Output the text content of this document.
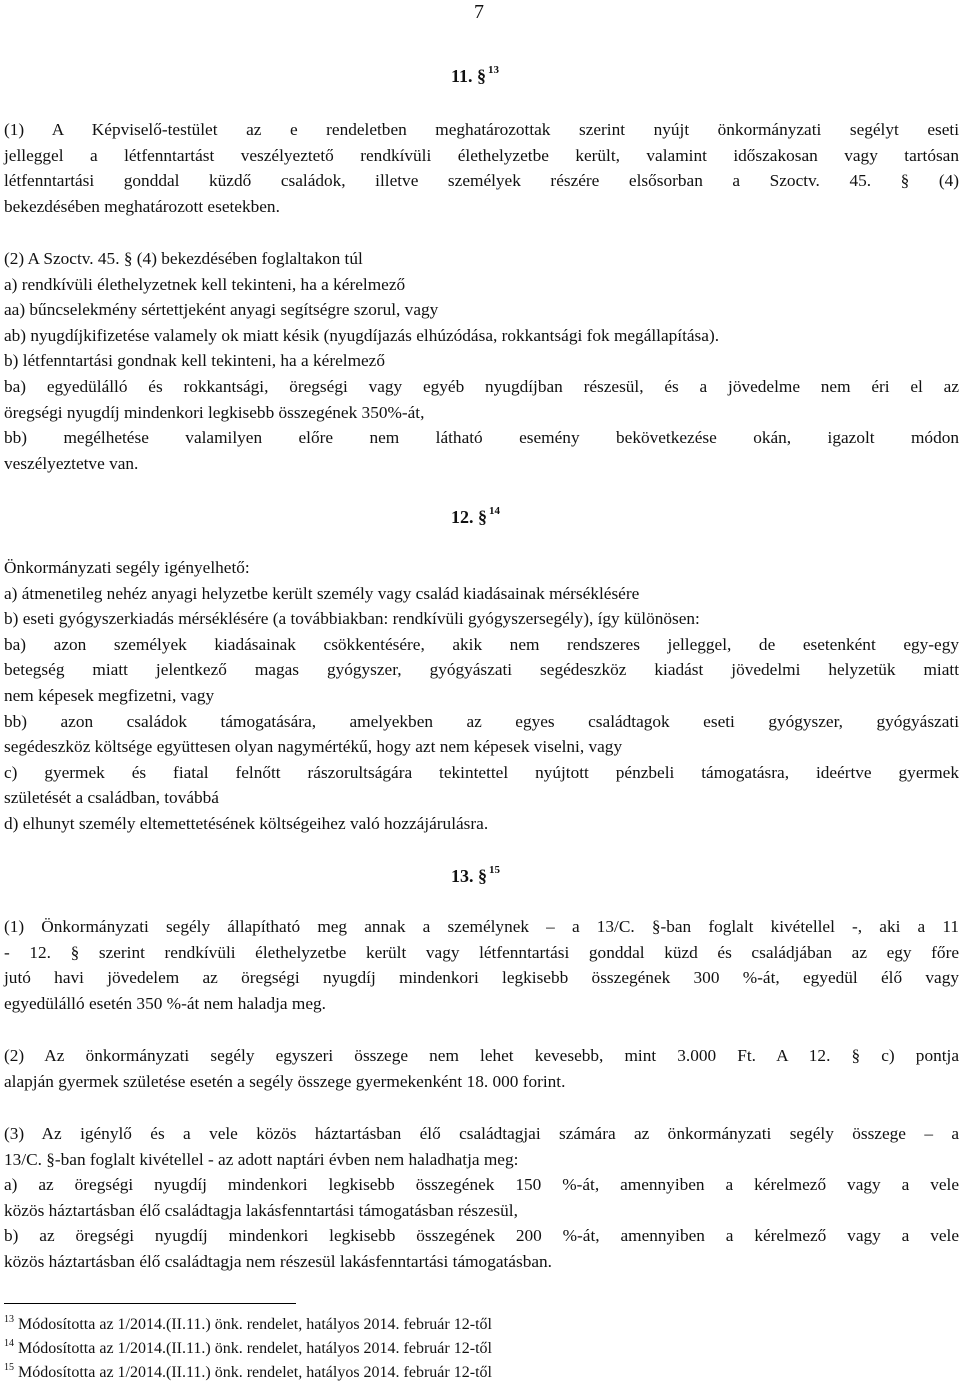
7
11. § $^{13}$

(1) A Képviselő-testület az e rendeletben meghatározottak szerint nyújt önkormányzati segélyt eseti

jelleggel a létfenntartást veszélyeztető rendkívüli élethelyzetbe került, valamint időszakosan vagy tartósan

létfenntartási gonddal küzdő családok, illetve személyek részére elsősorban a Szoctv. 45. § (4)

bekezdésében meghatározott esetekben.

(2) A Szoctv. 45. § (4) bekezdésében foglaltakon túl

a) rendkívüli élethelyzetnek kell tekinteni, ha a kérelmező

aa) bűncselekmény sértettjeként anyagi segítségre szorul, vagy

ab) nyugdíjkifizetése valamely ok miatt késik (nyugdíjazás elhúzódása, rokkantsági fok megállapítása).

b) létfenntartási gondnak kell tekinteni, ha a kérelmező

ba) egyedülálló és rokkantsági, öregségi vagy egyéb nyugdíjban részesül, és a jövedelme nem éri el az

öregségi nyugdíj mindenkori legkisebb összegének 350%-át,

bb) megélhetése valamilyen előre nem látható esemény bekövetkezése okán, igazolt módon

veszélyeztetve van.

12. § $^{14}$

Önkormányzati segély igényelhető:

a) átmenetileg nehéz anyagi helyzetbe került személy vagy család kiadásainak mérséklésére

b) eseti gyógyszerkiadás mérséklésére (a továbbiakban: rendkívüli gyógyszersegély), így különösen:

ba) azon személyek kiadásainak csökkentésére, akik nem rendszeres jelleggel, de esetenként egy-egy

betegség miatt jelentkező magas gyógyszer, gyógyászati segédeszköz kiadást jövedelmi helyzetük miatt

nem képesek megfizetni, vagy

bb) azon családok támogatására, amelyekben az egyes családtagok eseti gyógyszer, gyógyászati

segédeszköz költsége együttesen olyan nagymértékű, hogy azt nem képesek viselni, vagy

c) gyermek és fiatal felnőtt rászorultságára tekintettel nyújtott pénzbeli támogatásra, ideértve gyermek

születését a családban, továbbá

d) elhunyt személy eltemettetésének költségeihez való hozzájárulásra.

13. § $^{15}$

(1) Önkormányzati segély állapítható meg annak a személynek – a 13/C. §-ban foglalt kivétellel -, aki a 11

- 12. § szerint rendkívüli élethelyzetbe került vagy létfenntartási gonddal küzd és családjában az egy főre

jutó havi jövedelem az öregségi nyugdíj mindenkori legkisebb összegének 300 %-át, egyedül élő vagy

egyedülálló esetén 350 %-át nem haladja meg.

(2) Az önkormányzati segély egyszeri összege nem lehet kevesebb, mint 3.000 Ft. A 12. § c) pontja

alapján gyermek születése esetén a segély összege gyermekenként 18. 000 forint.

(3) Az igénylő és a vele közös háztartásban élő családtagjai számára az önkormányzati segély összege – a

13/C. §-ban foglalt kivétellel - az adott naptári évben nem haladhatja meg:

a) az öregségi nyugdíj mindenkori legkisebb összegének 150 %-át, amennyiben a kérelmező vagy a vele

közös háztartásban élő családtagja lakásfenntartási támogatásban részesül,

b) az öregségi nyugdíj mindenkori legkisebb összegének 200 %-át, amennyiben a kérelmező vagy a vele

közös háztartásban élő családtagja nem részesül lakásfenntartási támogatásban.

$^{13}$ Módosította az 1/2014.(II.11.) önk. rendelet, hatályos 2014. február 12-től

$^{14}$ Módosította az 1/2014.(II.11.) önk. rendelet, hatályos 2014. február 12-től

$^{15}$ Módosította az 1/2014.(II.11.) önk. rendelet, hatályos 2014. február 12-től
